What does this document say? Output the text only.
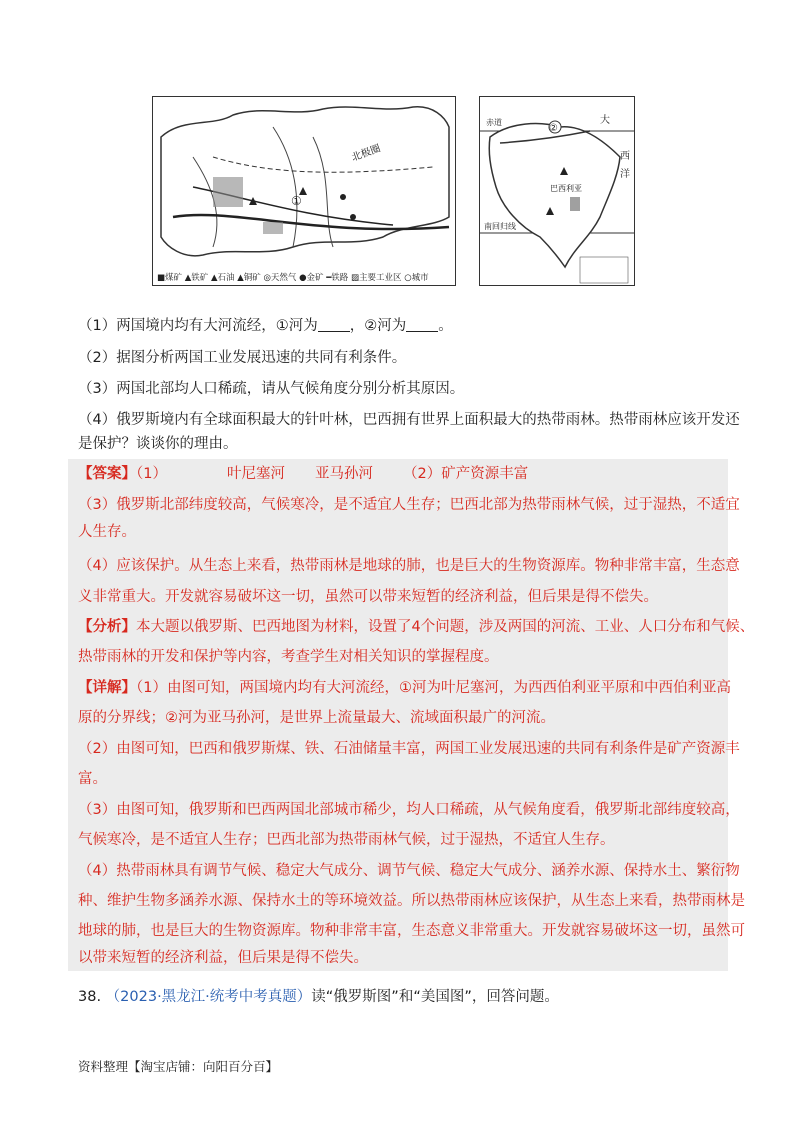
①
北极圈
■煤矿 ▲铁矿 ▲石油 ▲铜矿 ◎天然气 ●金矿 ━铁路 ▨主要工业区 ○城市
赤道
②
大
西
洋
巴西利亚
南回归线
（1）两国境内均有大河流经，①河为 ，②河为 。
（2）据图分析两国工业发展迅速的共同有利条件。
（3）两国北部均人口稀疏，请从气候角度分别分析其原因。
（4）俄罗斯境内有全球面积最大的针叶林，巴西拥有世界上面积最大的热带雨林。热带雨林应该开发还
是保护？谈谈你的理由。
【答案】（1）	叶尼塞河 亚马孙河 （2）矿产资源丰富
（3）俄罗斯北部纬度较高，气候寒冷，是不适宜人生存；巴西北部为热带雨林气候，过于湿热，不适宜
人生存。
（4）应该保护。从生态上来看，热带雨林是地球的肺，也是巨大的生物资源库。物种非常丰富，生态意
义非常重大。开发就容易破坏这一切，虽然可以带来短暂的经济利益，但后果是得不偿失。
【分析】本大题以俄罗斯、巴西地图为材料，设置了4个问题，涉及两国的河流、工业、人口分布和气候、
热带雨林的开发和保护等内容，考查学生对相关知识的掌握程度。
【详解】（1）由图可知，两国境内均有大河流经，①河为叶尼塞河，为西西伯利亚平原和中西伯利亚高
原的分界线；②河为亚马孙河，是世界上流量最大、流域面积最广的河流。
（2）由图可知，巴西和俄罗斯煤、铁、石油储量丰富，两国工业发展迅速的共同有利条件是矿产资源丰
富。
（3）由图可知，俄罗斯和巴西两国北部城市稀少，均人口稀疏，从气候角度看，俄罗斯北部纬度较高，
气候寒冷，是不适宜人生存；巴西北部为热带雨林气候，过于湿热，不适宜人生存。
（4）热带雨林具有调节气候、稳定大气成分、调节气候、稳定大气成分、涵养水源、保持水土、繁衍物
种、维护生物多涵养水源、保持水土的等环境效益。所以热带雨林应该保护，从生态上来看，热带雨林是
地球的肺，也是巨大的生物资源库。物种非常丰富，生态意义非常重大。开发就容易破坏这一切，虽然可
以带来短暂的经济利益，但后果是得不偿失。
38. （2023·黑龙江·统考中考真题）读“俄罗斯图”和“美国图”，回答问题。
资料整理【淘宝店铺：向阳百分百】
